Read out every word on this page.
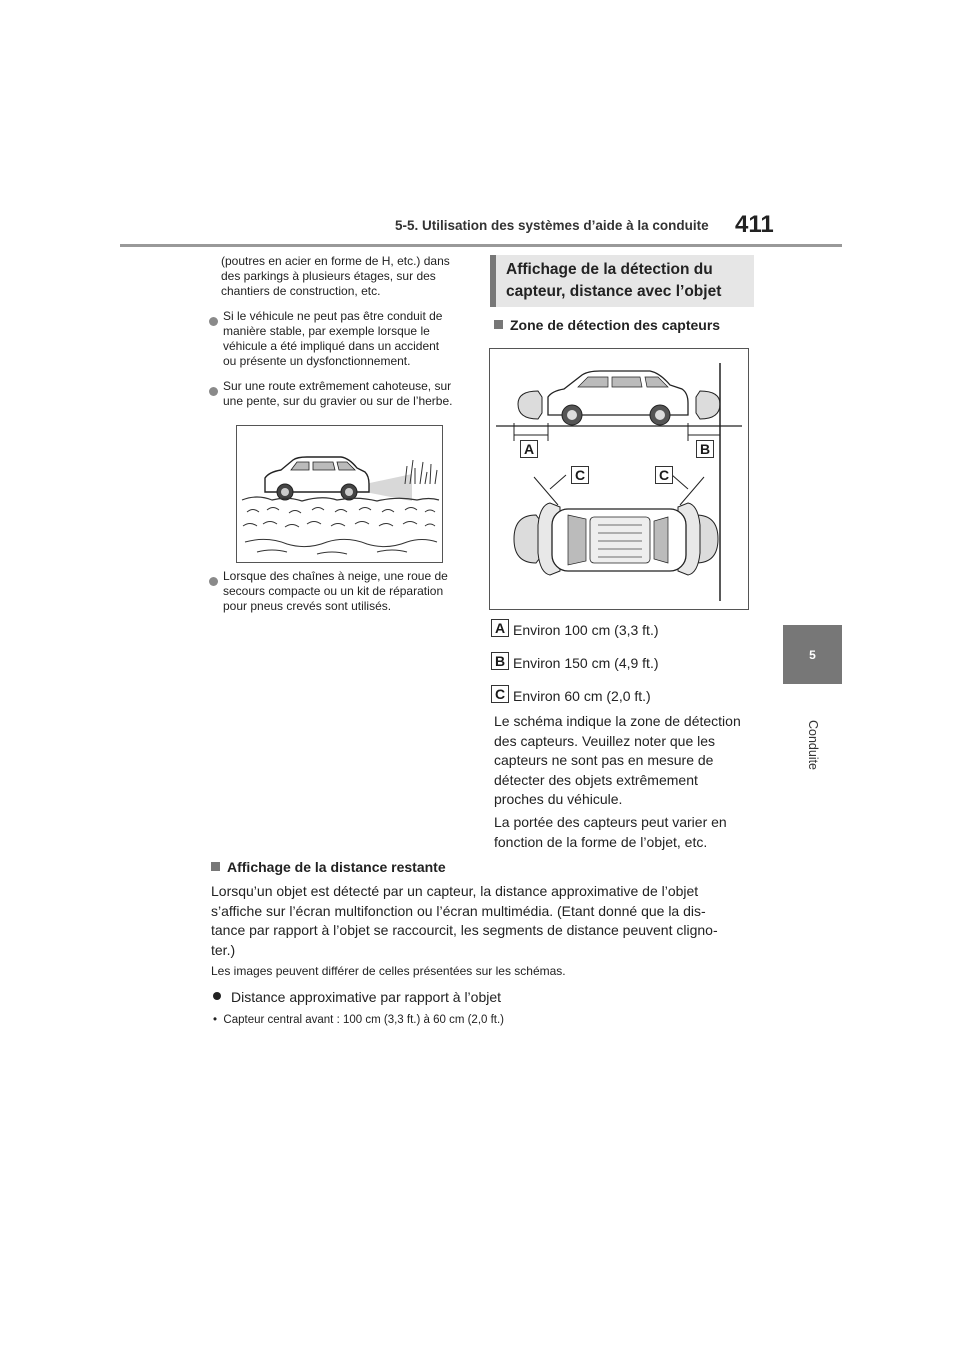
5-5. Utilisation des systèmes d’aide à la conduite 411
5
Conduite
(poutres en acier en forme de H, etc.) dans
des parkings à plusieurs étages, sur des
chantiers de construction, etc.
Si le véhicule ne peut pas être conduit de
manière stable, par exemple lorsque le
véhicule a été impliqué dans un accident
ou présente un dysfonctionnement.
Sur une route extrêmement cahoteuse, sur
une pente, sur du gravier ou sur de l’herbe.
Lorsque des chaînes à neige, une roue de
secours compacte ou un kit de réparation
pour pneus crevés sont utilisés.
Affichage de la détection du
capteur, distance avec l’objet
Zone de détection des capteurs
A	B
C	C
A Environ 100 cm (3,3 ft.)
B Environ 150 cm (4,9 ft.)
C Environ 60 cm (2,0 ft.)
Le schéma indique la zone de détection
des capteurs. Veuillez noter que les
capteurs ne sont pas en mesure de
détecter des objets extrêmement
proches du véhicule.
La portée des capteurs peut varier en
fonction de la forme de l’objet, etc.
Affichage de la distance restante
Lorsqu’un objet est détecté par un capteur, la distance approximative de l’objet
s’affiche sur l’écran multifonction ou l’écran multimédia. (Etant donné que la dis-
tance par rapport à l’objet se raccourcit, les segments de distance peuvent cligno-
ter.)
Les images peuvent différer de celles présentées sur les schémas.
Distance approximative par rapport à l’objet
•  Capteur central avant : 100 cm (3,3 ft.) à 60 cm (2,0 ft.)
